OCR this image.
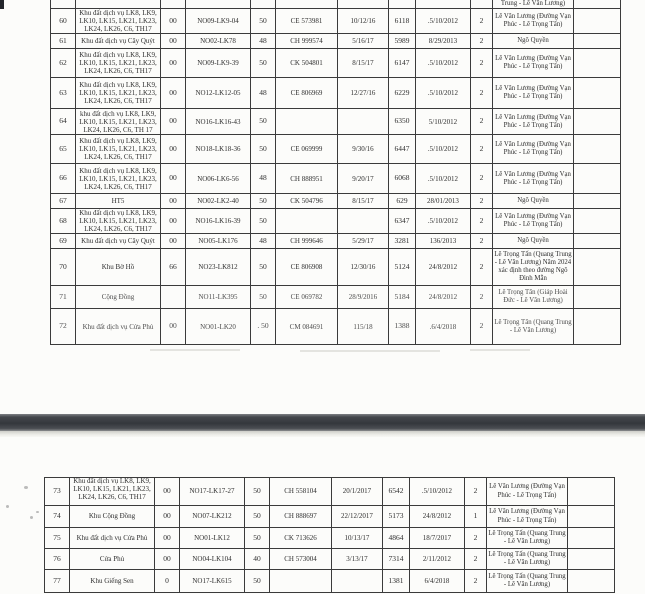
										Trung - Lê Văn Lương)	
60	Khu đất dịch vụ LK8, LK9, LK10, LK15, LK21, LK23, LK24, LK26, C6, TH17	00	NO09-LK9-04	50	CE 573981	10/12/16	6118	.5/10/2012	2	Lê Văn Lương (Đường Vạn Phúc - Lê Trọng Tấn)	
61	Khu đất dịch vụ Cây Quýt	00	NO02-LK78	48	CH 999574	5/16/17	5989	8/29/2013	2	Ngô Quyền	
62	Khu đất dịch vụ LK8, LK9, LK10, LK15, LK21, LK23, LK24, LK26, C6, TH17	00	NO09-LK9-39	50	CK 504801	8/15/17	6147	.5/10/2012	2	Lê Văn Lương (Đường Vạn Phúc - Lê Trọng Tấn)	
63	Khu đất dịch vụ LK8, LK9, LK10, LK15, LK21, LK23, LK24, LK26, C6, TH17	00	NO12-LK12-05	48	CE 806969	12/27/16	6229	.5/10/2012	2	Lê Văn Lương (Đường Vạn Phúc - Lê Trọng Tấn)	
64	khu đất dịch vụ LK8, LK9, LK10, LK15, LK21, LK23, LK24, LK26, C6, TH 17	00	NO16-LK16-43	50			6350	5/10/2012	2	Lê Văn Lương (Đường Vạn Phúc - Lê Trọng Tấn)	
65	Khu đất dịch vụ LK8, LK9, LK10, LK15, LK21, LK23, LK24, LK26, C6, TH17	00	NO18-LK18-36	50	CE 069999	9/30/16	6447	.5/10/2012	2	Lê Văn Lương (Đường Vạn Phúc - Lê Trọng Tấn)	
66	Khu đất dịch vụ LK8, LK9, LK10, LK15, LK21, LK23, LK24, LK26, C6, TH17	00	NO06-LK6-56	48	CH 888951	9/20/17	6068	.5/10/2012	2	Lê Văn Lương (Đường Vạn Phúc - Lê Trọng Tấn)	
67	HT5	00	NO02-LK2-40	50	CK 504796	8/15/17	629	28/01/2013	2	Ngô Quyền	
68	Khu đất dịch vụ LK8, LK9, LK10, LK15, LK21, LK23, LK24, LK26, C6, TH17	00	NO16-LK16-39	50			6347	.5/10/2012	2	Lê Văn Lương (Đường Vạn Phúc - Lê Trọng Tấn)	
69	Khu đất dịch vụ Cây Quýt	00	NO05-LK176	48	CH 999646	5/29/17	3281	136/2013	2	Ngô Quyền	
70	Khu Bờ Hồ	66	NO23-LK812	50	CE 806908	12/30/16	5124	24/8/2012	2	Lê Trọng Tấn (Quang Trung - Lê Văn Lương) Năm 2024 xác định theo đường Ngô Đình Mẫn	
71	Cộng Đồng		NO11-LK395	50	CE 069782	28/9/2016	5184	24/8/2012	2	Lê Trọng Tấn (Giáp Hoài Đức - Lê Văn Lương)	
72	Khu đất dịch vụ Cửa Phủ	00	NO01-LK20	. 50	CM 084691	115/18	1388	.6/4/2018	2	Lê Trọng Tấn (Quang Trung - Lê Văn Lương)	
73	Khu đất dịch vụ LK8, LK9, LK10, LK15, LK21, LK23, LK24, LK26, C6, TH17	00	NO17-LK17-27	50	CH 558104	20/1/2017	6542	.5/10/2012	2	Lê Văn Lương (Đường Vạn Phúc - Lê Trọng Tấn)	
74	Khu Cộng Đồng	00	NO07-LK212	50	CH 888697	22/12/2017	5173	24/8/2012	1	Lê Văn Lương (Đường Vạn Phúc - Lê Trọng Tấn)	
75	Khu đất dịch vụ Cửa Phủ	00	NO01-LK12	50	CK 713626	10/13/17	4864	18/7/2017	2	Lê Trọng Tấn (Quang Trung - Lê Văn Lương)	
76	Cửa Phủ	00	NO04-LK104	40	CH 573004	3/13/17	7314	2/11/2012	2	Lê Trọng Tấn (Quang Trung - Lê Văn Lương)	
77	Khu Giếng Sen	0	NO17-LK615	50			1381	6/4/2018	2	Lê Trọng Tấn (Quang Trung - Lê Văn Lương)	
